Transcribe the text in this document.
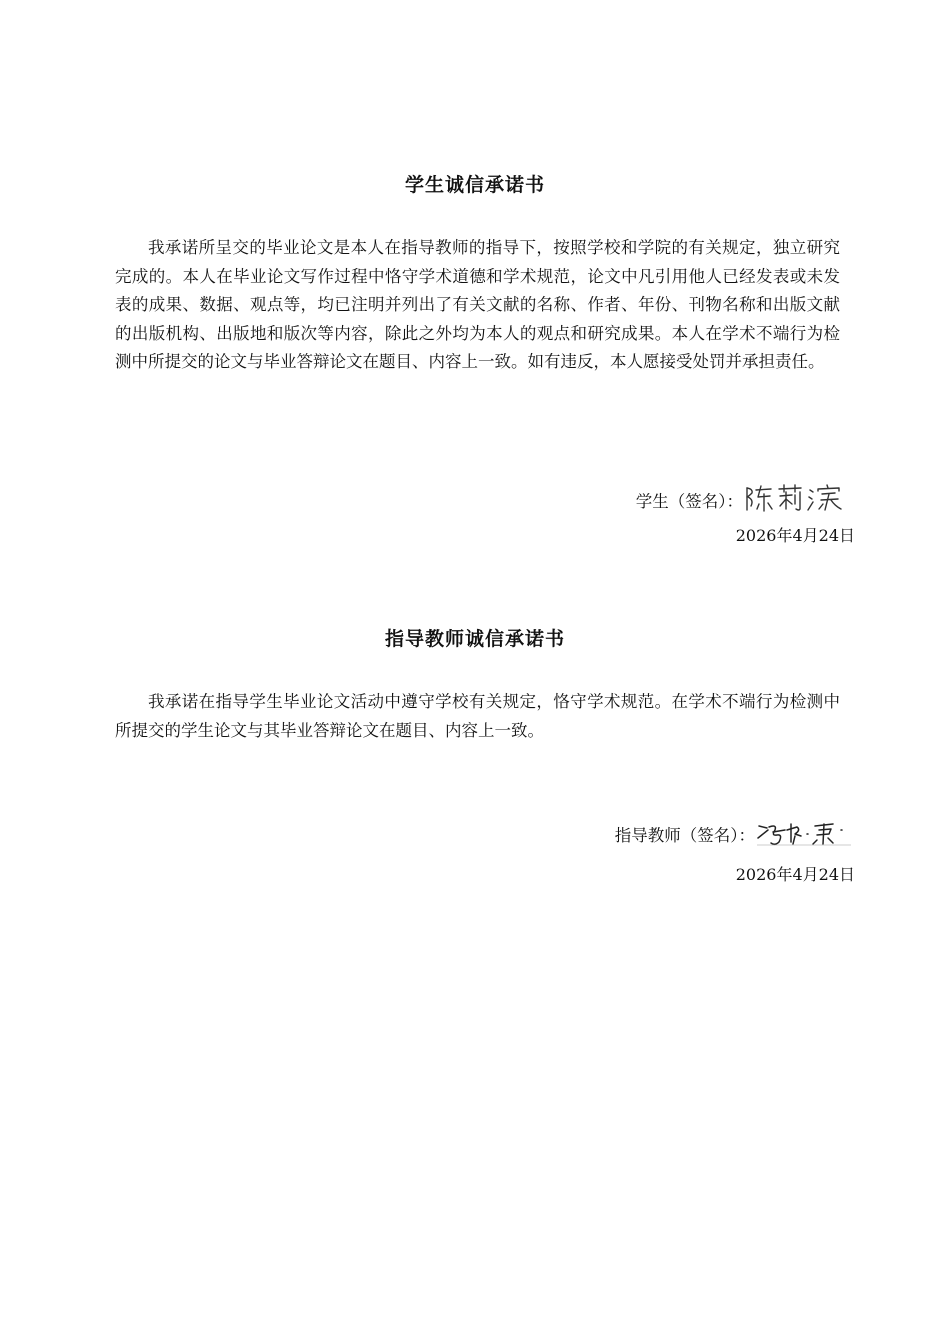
学生诚信承诺书

我承诺所呈交的毕业论文是本人在指导教师的指导下，按照学校和学院的有关规定，独立研究完成的。本人在毕业论文写作过程中恪守学术道德和学术规范，论文中凡引用他人已经发表或未发表的成果、数据、观点等，均已注明并列出了有关文献的名称、作者、年份、刊物名称和出版文献的出版机构、出版地和版次等内容，除此之外均为本人的观点和研究成果。本人在学术不端行为检测中所提交的论文与毕业答辩论文在题目、内容上一致。如有违反，本人愿接受处罚并承担责任。

学生（签名）：
2026年4月24日
指导教师诚信承诺书

我承诺在指导学生毕业论文活动中遵守学校有关规定，恪守学术规范。在学术不端行为检测中所提交的学生论文与其毕业答辩论文在题目、内容上一致。

指导教师（签名）：
2026年4月24日
